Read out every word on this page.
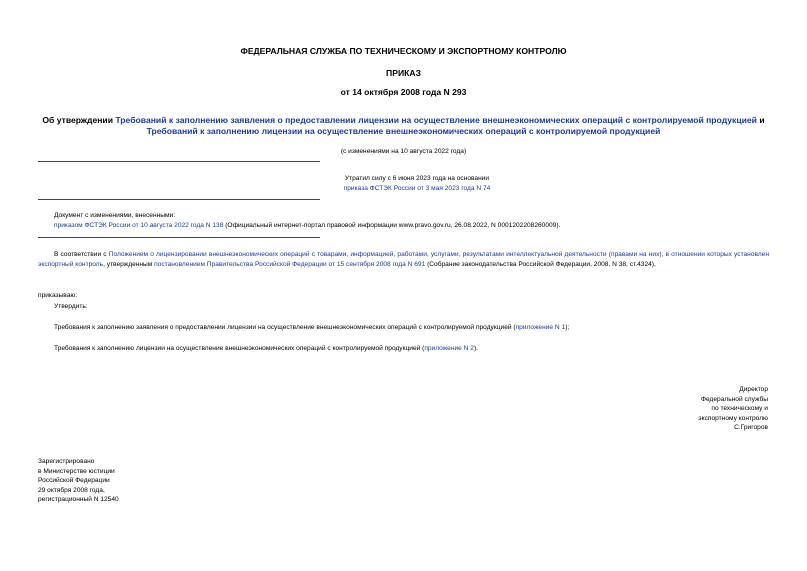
ФЕДЕРАЛЬНАЯ СЛУЖБА ПО ТЕХНИЧЕСКОМУ И ЭКСПОРТНОМУ КОНТРОЛЮ
ПРИКАЗ
от 14 октября 2008 года N 293
Об утверждении Требований к заполнению заявления о предоставлении лицензии на осуществление внешнеэкономических операций с контролируемой продукцией и Требований к заполнению лицензии на осуществление внешнеэкономических операций с контролируемой продукцией
(с изменениями на 10 августа 2022 года)
Утратил силу с 6 июня 2023 года на основании
приказа ФСТЭК России от 3 мая 2023 года N 74
Документ с изменениями, внесенными:
приказом ФСТЭК России от 10 августа 2022 года N 138 (Официальный интернет-портал правовой информации www.pravo.gov.ru, 26.08.2022, N 0001202208260009).
В соответствии с Положением о лицензировании внешнеэкономических операций с товарами, информацией, работами, услугами, результатами интеллектуальной деятельности (правами на них), в отношении которых установлен экспортный контроль, утвержденным постановлением Правительства Российской Федерации от 15 сентября 2008 года N 691 (Собрание законодательства Российской Федерации, 2008, N 38, ст.4324),
приказываю:
Утвердить:
Требования к заполнению заявления о предоставлении лицензии на осуществление внешнеэкономических операций с контролируемой продукцией (приложение N 1);
Требования к заполнению лицензии на осуществление внешнеэкономических операций с контролируемой продукцией (приложение N 2).
Директор
Федеральной службы
по техническому и
экспортному контролю
С.Григоров
Зарегистрировано
в Министерстве юстиции
Российской Федерации
29 октября 2008 года,
регистрационный N 12540
